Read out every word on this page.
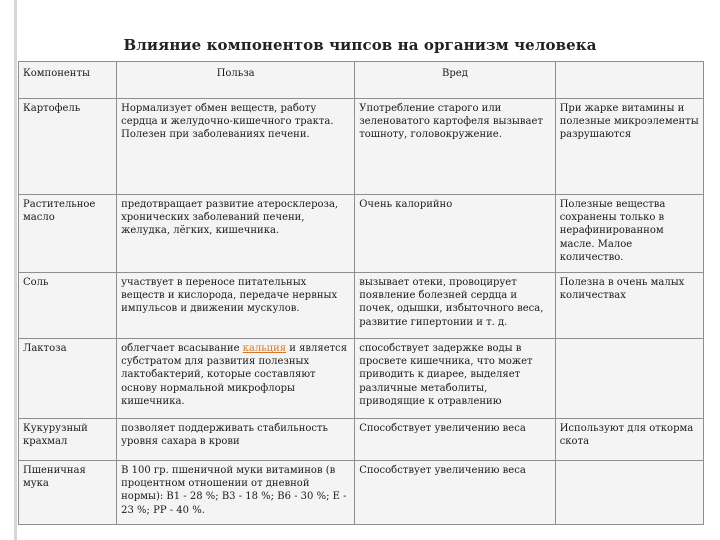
Влияние компонентов чипсов на организм человека
Компоненты	Польза	Вред	
Картофель	Нормализует обмен веществ, работу сердца и желудочно-кишечного тракта. Полезен при заболеваниях печени.	Употребление старого или зеленоватого картофеля вызывает тошноту, головокружение.	При жарке витамины и полезные микроэлементы разрушаются
Растительное масло	предотвращает развитие атеросклероза, хронических заболеваний печени, желудка, лёгких, кишечника.	Очень калорийно	Полезные вещества сохранены только в нерафинированном масле. Малое количество.
Соль	участвует в переносе питательных веществ и кислорода, передаче нервных импульсов и движении мускулов.	вызывает отеки, провоцирует появление болезней сердца и почек, одышки, избыточного веса, развитие гипертонии и т. д.	Полезна в очень малых количествах
Лактоза	облегчает всасывание кальция и является субстратом для развития полезных лактобактерий, которые составляют основу нормальной микрофлоры кишечника.	способствует задержке воды в просвете кишечника, что может приводить к диарее, выделяет различные метаболиты, приводящие к отравлению	
Кукурузный крахмал	позволяет поддерживать стабильность уровня сахара в крови	Способствует увеличению веса	Используют для откорма скота
Пшеничная мука	В 100 гр. пшеничной муки витаминов (в процентном отношении от дневной нормы): В1 - 28 %; В3 - 18 %; В6 - 30 %; Е - 23 %; РР - 40 %.	Способствует увеличению веса	
